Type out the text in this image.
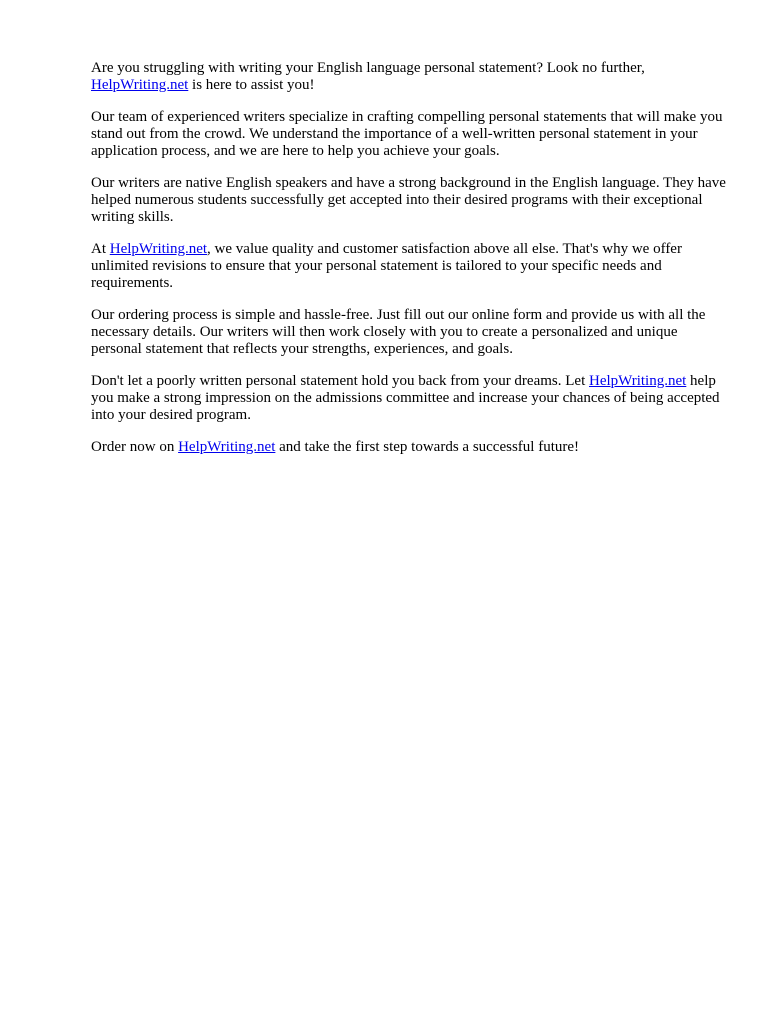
Are you struggling with writing your English language personal statement? Look no further, HelpWriting.net is here to assist you!

Our team of experienced writers specialize in crafting compelling personal statements that will make you stand out from the crowd. We understand the importance of a well-written personal statement in your application process, and we are here to help you achieve your goals.

Our writers are native English speakers and have a strong background in the English language. They have helped numerous students successfully get accepted into their desired programs with their exceptional writing skills.

At HelpWriting.net, we value quality and customer satisfaction above all else. That's why we offer unlimited revisions to ensure that your personal statement is tailored to your specific needs and requirements.

Our ordering process is simple and hassle-free. Just fill out our online form and provide us with all the necessary details. Our writers will then work closely with you to create a personalized and unique personal statement that reflects your strengths, experiences, and goals.

Don't let a poorly written personal statement hold you back from your dreams. Let HelpWriting.net help you make a strong impression on the admissions committee and increase your chances of being accepted into your desired program.

Order now on HelpWriting.net and take the first step towards a successful future!
